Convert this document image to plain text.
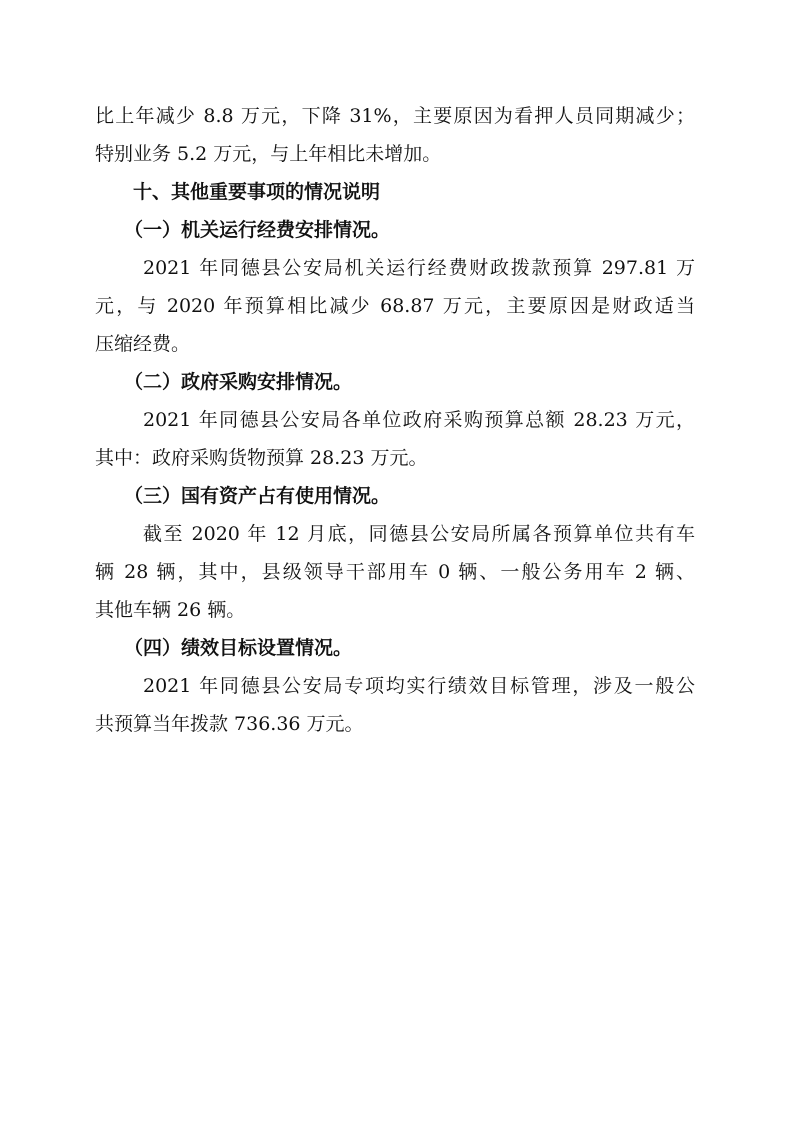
比上年减少 8.8 万元，下降 31%，主要原因为看押人员同期减少；
特别业务 5.2 万元，与上年相比未增加。
十、其他重要事项的情况说明
（一）机关运行经费安排情况。
2021 年同德县公安局机关运行经费财政拨款预算 297.81 万
元，与 2020 年预算相比减少 68.87 万元，主要原因是财政适当
压缩经费。
（二）政府采购安排情况。
2021 年同德县公安局各单位政府采购预算总额 28.23 万元，
其中：政府采购货物预算 28.23 万元。
（三）国有资产占有使用情况。
截至 2020 年 12 月底，同德县公安局所属各预算单位共有车
辆 28 辆，其中，县级领导干部用车 0 辆、一般公务用车 2 辆、
其他车辆 26 辆。
（四）绩效目标设置情况。
2021 年同德县公安局专项均实行绩效目标管理，涉及一般公
共预算当年拨款 736.36 万元。
